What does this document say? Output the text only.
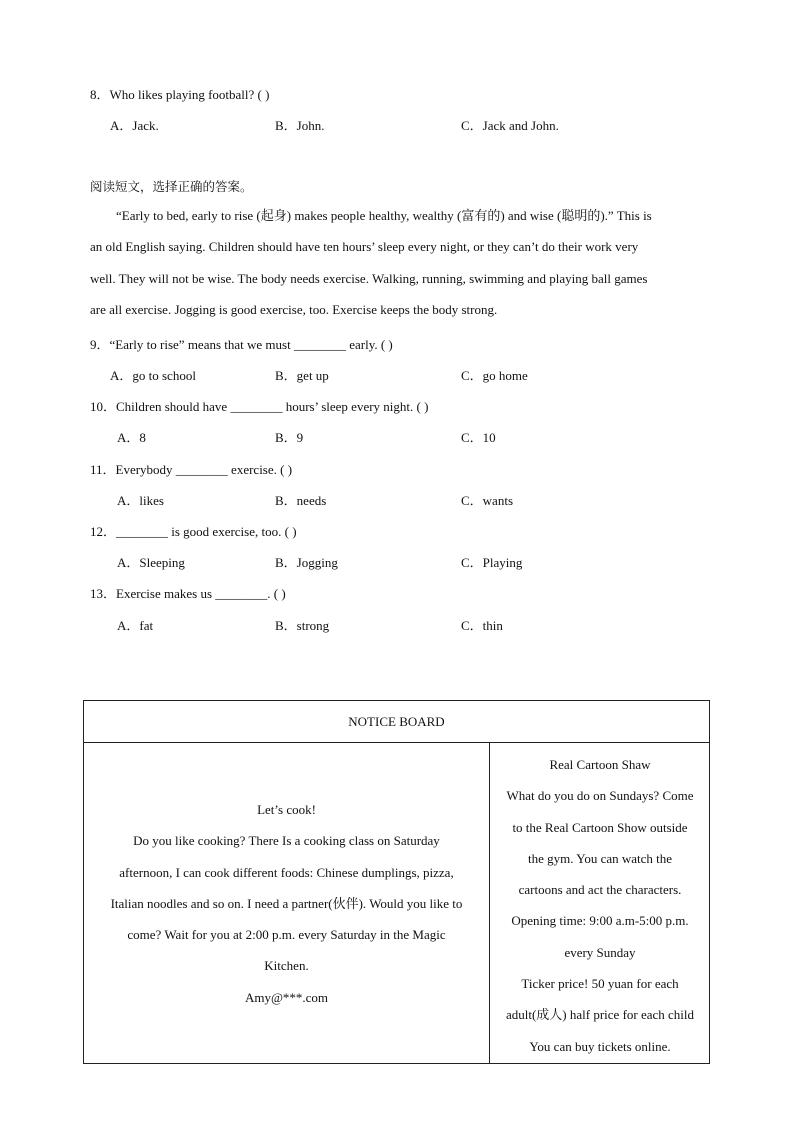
8．Who likes playing football? ( )
A．Jack.	B．John.	C．Jack and John.
阅读短文，选择正确的答案。
“Early to bed, early to rise (起身) makes people healthy, wealthy (富有的) and wise (聪明的).” This is
an old English saying. Children should have ten hours’ sleep every night, or they can’t do their work very
well. They will not be wise. The body needs exercise. Walking, running, swimming and playing ball games
are all exercise. Jogging is good exercise, too. Exercise keeps the body strong.
9．“Early to rise” means that we must ________ early. ( )
A．go to school	B．get up	C．go home
10．Children should have ________ hours’ sleep every night. ( )
A．8	B．9	C．10
11．Everybody ________ exercise. ( )
A．likes	B．needs	C．wants
12．________ is good exercise, too. ( )
A．Sleeping	B．Jogging	C．Playing
13．Exercise makes us ________. ( )
A．fat	B．strong	C．thin
NOTICE BOARD
Let’s cook!
Do you like cooking? There Is a cooking class on Saturday
afternoon, I can cook different foods: Chinese dumplings, pizza,
Italian noodles and so on. I need a partner(伙伴). Would you like to
come? Wait for you at 2:00 p.m. every Saturday in the Magic
Kitchen.
Amy@***.com
Real Cartoon Shaw
What do you do on Sundays? Come
to the Real Cartoon Show outside
the gym. You can watch the
cartoons and act the characters.
Opening time: 9:00 a.m-5:00 p.m.
every Sunday
Ticker price! 50 yuan for each
adult(成人) half price for each child
You can buy tickets online.
